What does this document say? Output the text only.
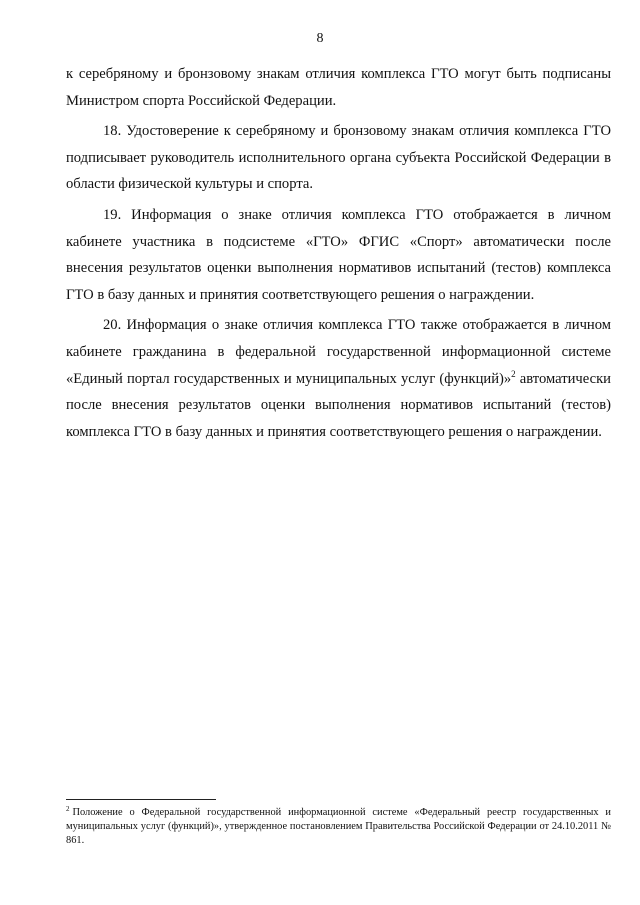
8

к серебряному и бронзовому знакам отличия комплекса ГТО могут быть подписаны Министром спорта Российской Федерации.

18. Удостоверение к серебряному и бронзовому знакам отличия комплекса ГТО подписывает руководитель исполнительного органа субъекта Российской Федерации в области физической культуры и спорта.

19. Информация о знаке отличия комплекса ГТО отображается в личном кабинете участника в подсистеме «ГТО» ФГИС «Спорт» автоматически после внесения результатов оценки выполнения нормативов испытаний (тестов) комплекса ГТО в базу данных и принятия соответствующего решения о награждении.

20. Информация о знаке отличия комплекса ГТО также отображается в личном кабинете гражданина в федеральной государственной информационной системе «Единый портал государственных и муниципальных услуг (функций)»$^2$ автоматически после внесения результатов оценки выполнения нормативов испытаний (тестов) комплекса ГТО в базу данных и принятия соответствующего решения о награждении.

$^2$ Положение о Федеральной государственной информационной системе «Федеральный реестр государственных и муниципальных услуг (функций)», утвержденное постановлением Правительства Российской Федерации от 24.10.2011 № 861.
